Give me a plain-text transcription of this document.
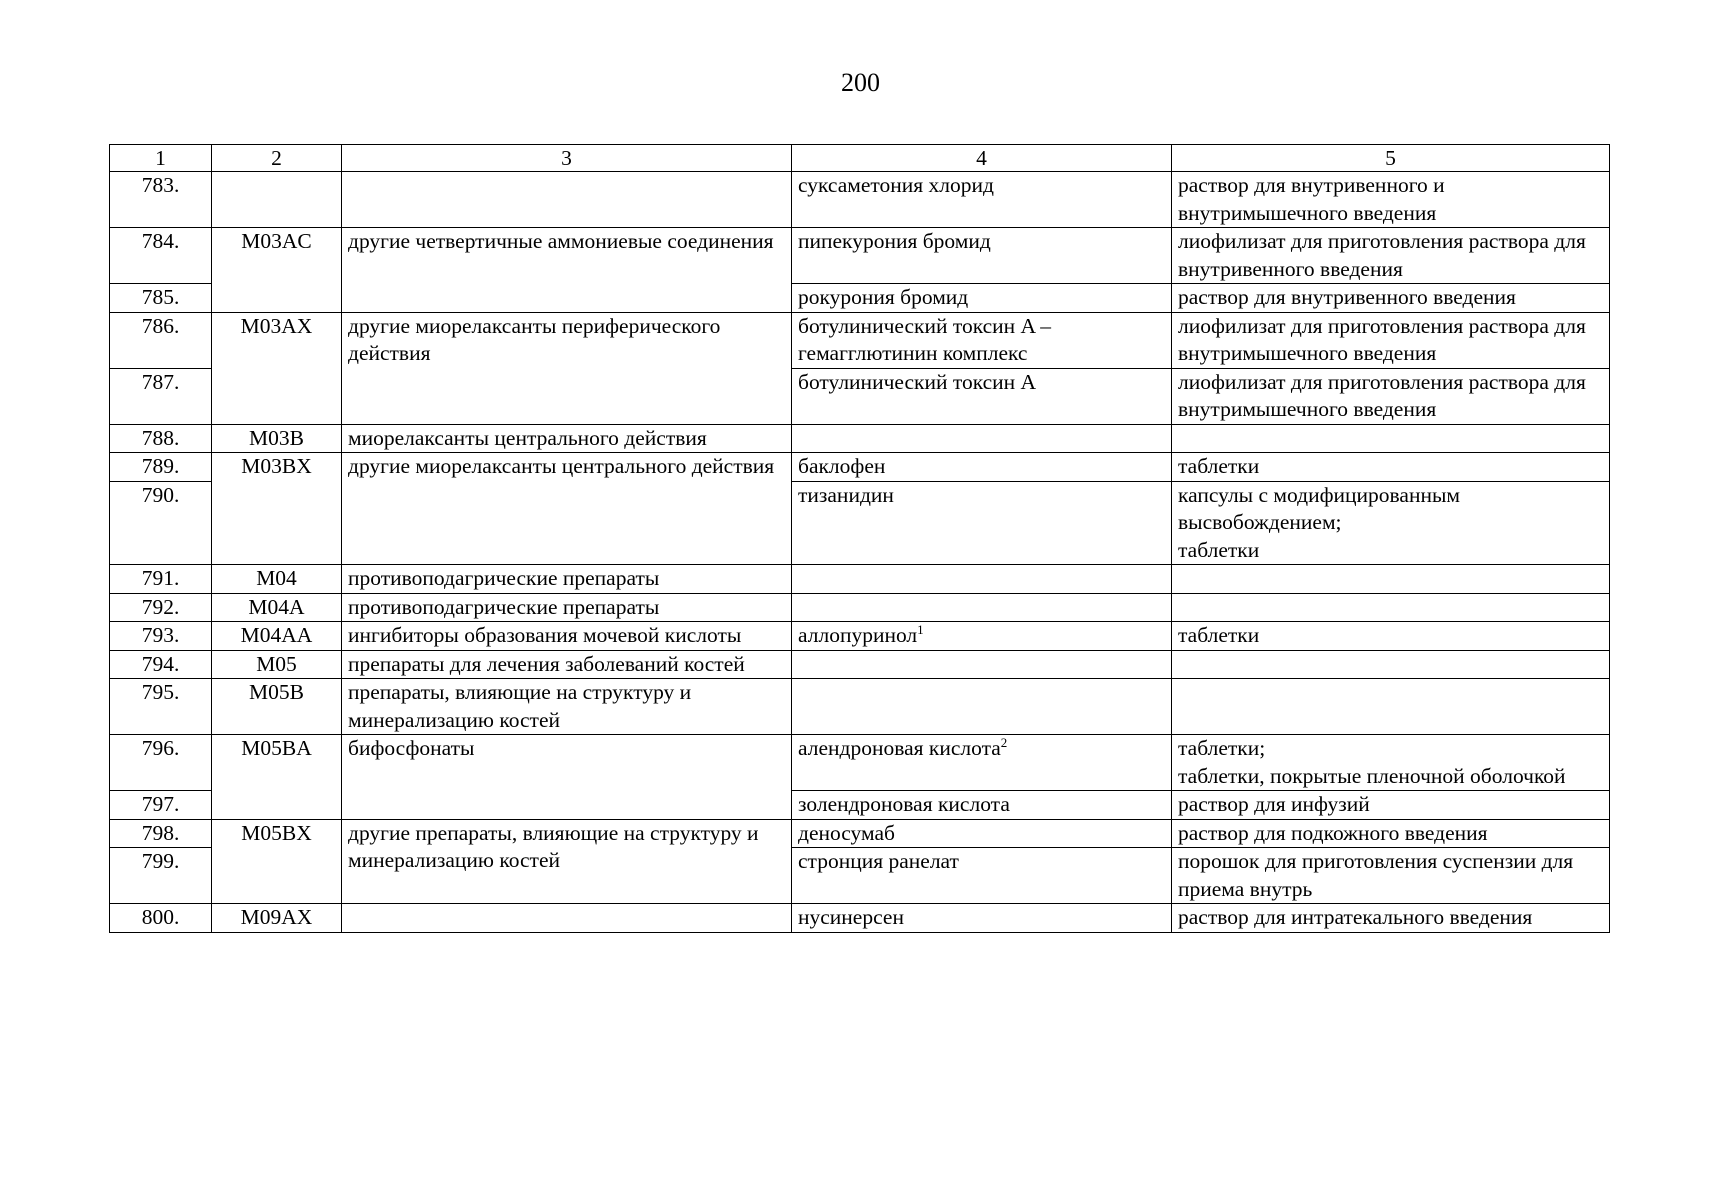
200
1	2	3	4	5
783.			суксаметония хлорид	раствор для внутривенного и внутримышечного введения

784.	M03AC	другие четвертичные аммониевые соединения	пипекурония бромид	лиофилизат для приготовления раствора для внутривенного введения

785.			рокурония бромид	раствор для внутривенного введения

786.	M03AX	другие миорелаксанты периферического действия	ботулинический токсин A – гемагглютинин комплекс	лиофилизат для приготовления раствора для внутримышечного введения

787.			ботулинический токсин A	лиофилизат для приготовления раствора для внутримышечного введения

788.	M03B	миорелаксанты центрального действия		

789.	M03BX	другие миорелаксанты центрального действия	баклофен	таблетки

790.			тизанидин	капсулы с модифицированным высвобождением;
таблетки

791.	M04	противоподагрические препараты		

792.	M04A	противоподагрические препараты		

793.	M04AA	ингибиторы образования мочевой кислоты	аллопуринол$^1$	таблетки

794.	M05	препараты для лечения заболеваний костей		

795.	M05B	препараты, влияющие на структуру и минерализацию костей		

796.	M05BA	бифосфонаты	алендроновая кислота$^2$	таблетки;
таблетки, покрытые пленочной оболочкой

797.			золендроновая кислота	раствор для инфузий

798.	M05BX	другие препараты, влияющие на структуру и минерализацию костей	деносумаб	раствор для подкожного введения

799.			стронция ранелат	порошок для приготовления суспензии для приема внутрь

800.	M09AX		нусинерсен	раствор для интратекального введения
